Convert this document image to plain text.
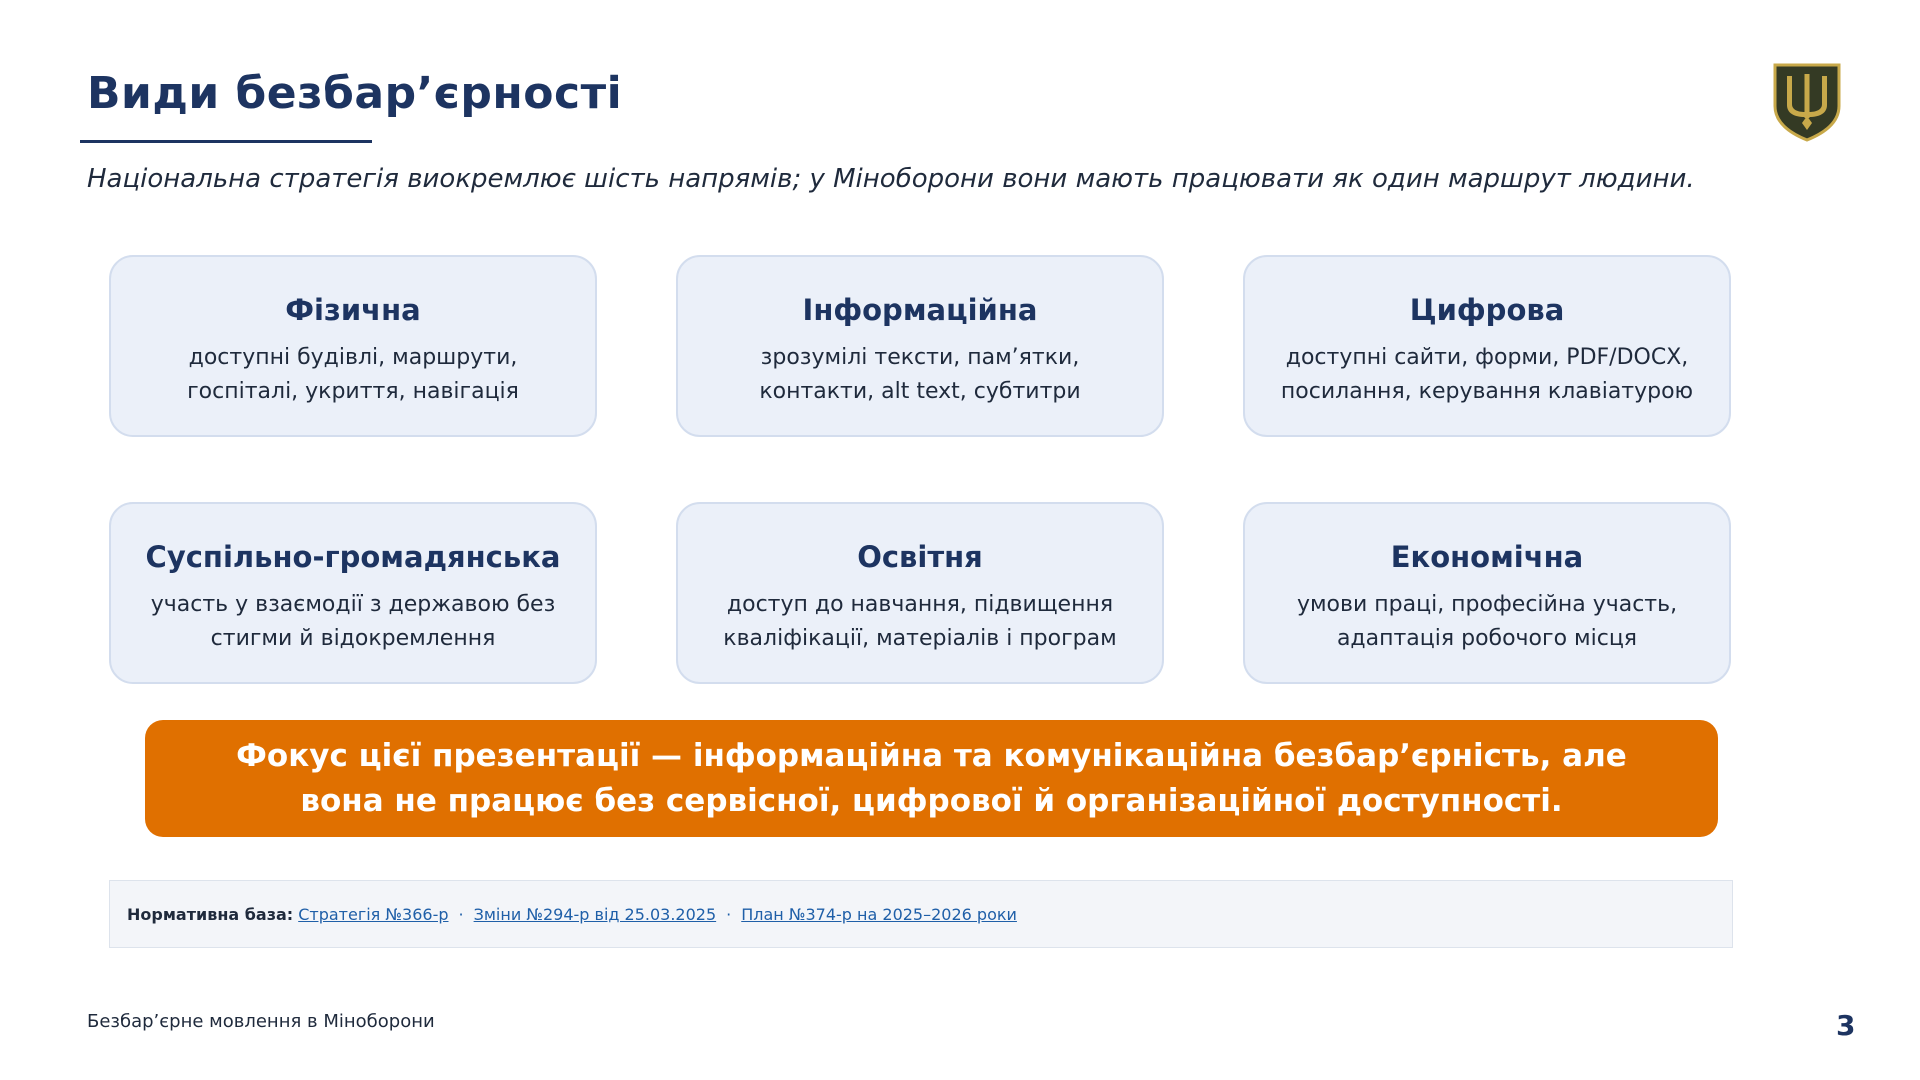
Види безбар’єрності

Національна стратегія виокремлює шість напрямів; у Міноборони вони мають працювати як один маршрут людини.

Фізична
доступні будівлі, маршрути,
госпіталі, укриття, навігація
Інформаційна
зрозумілі тексти, пам’ятки,
контакти, alt text, субтитри
Цифрова
доступні сайти, форми, PDF/DOCX,
посилання, керування клавіатурою
Суспільно-громадянська
участь у взаємодії з державою без
стигми й відокремлення
Освітня
доступ до навчання, підвищення
кваліфікації, матеріалів і програм
Економічна
умови праці, професійна участь,
адаптація робочого місця
Фокус цієї презентації — інформаційна та комунікаційна безбар’єрність, але вона не працює без сервісної, цифрової й організаційної доступності.
Нормативна база: Стратегія №366-р · Зміни №294-р від 25.03.2025 · План №374-р на 2025–2026 роки
Безбар’єрне мовлення в Міноборони	3
